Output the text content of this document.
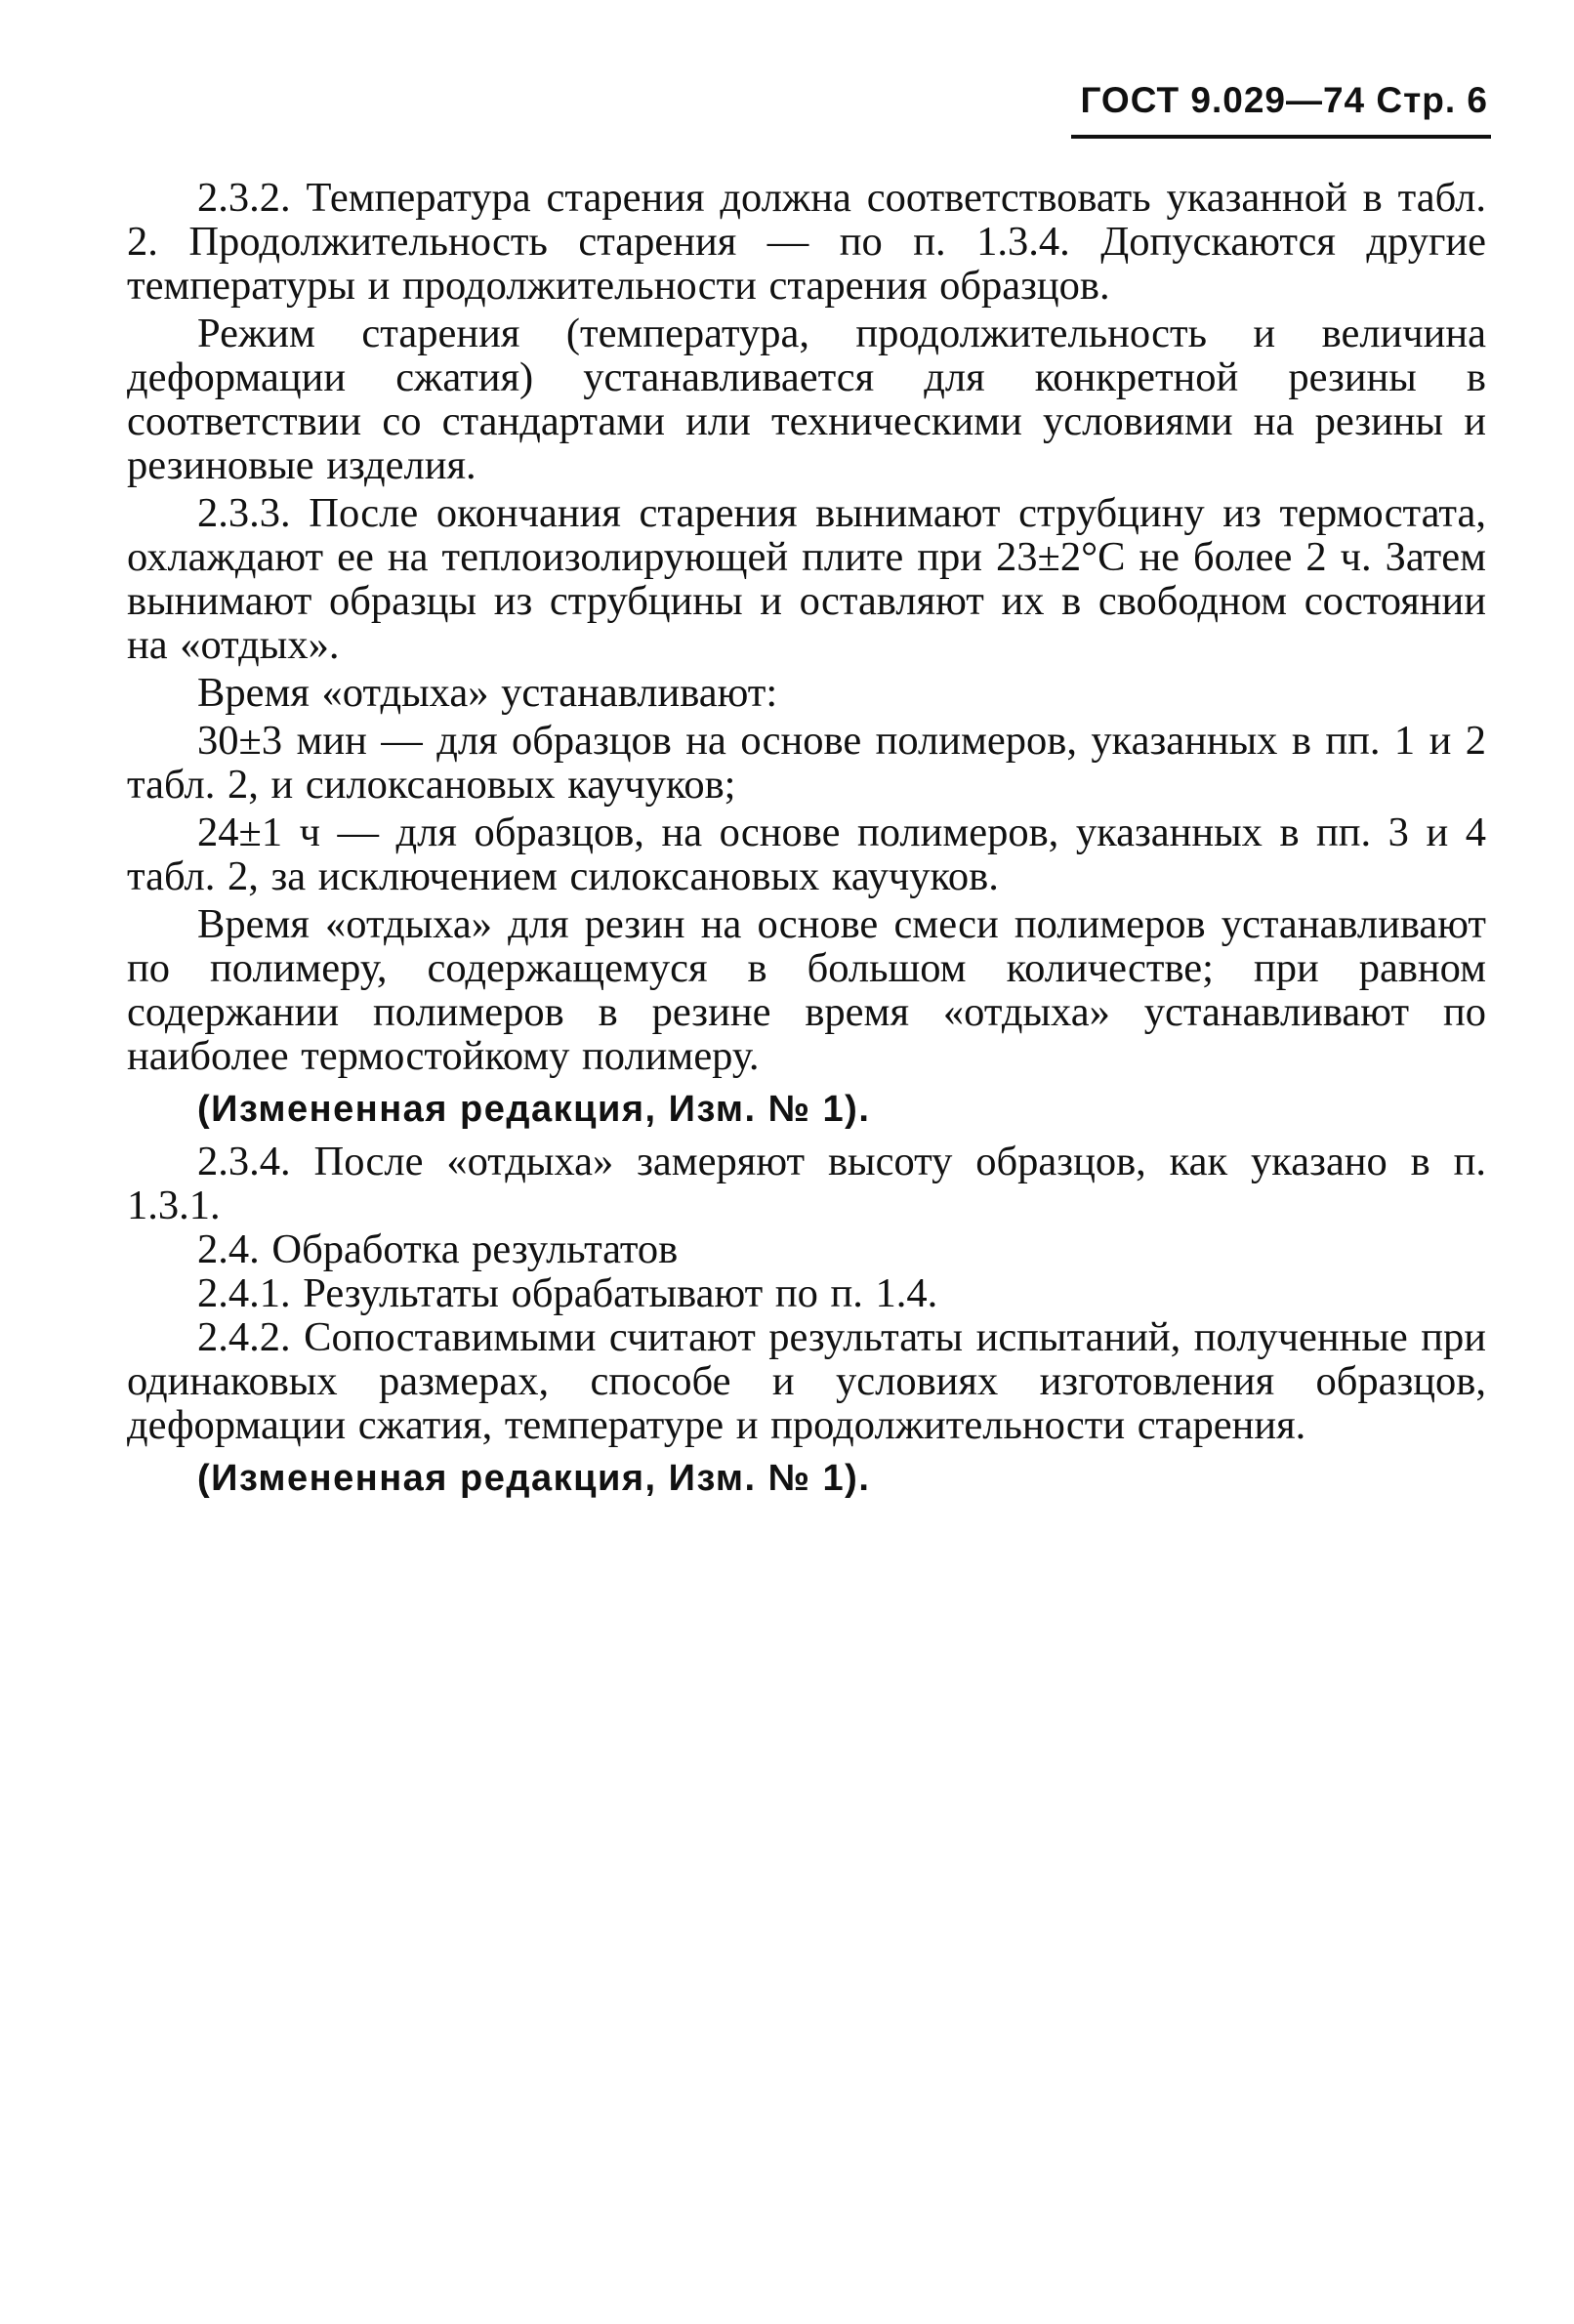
ГОСТ 9.029—74 Стр. 6

2.3.2. Температура старения должна соответствовать указанной в табл. 2. Продолжительность старения — по п. 1.3.4. Допускаются другие температуры и продолжительности старения образцов.

Режим старения (температура, продолжительность и величина деформации сжатия) устанавливается для конкретной резины в соответствии со стандартами или техническими условиями на резины и резиновые изделия.

2.3.3. После окончания старения вынимают струбцину из термостата, охлаждают ее на теплоизолирующей плите при 23±2°С не более 2 ч. Затем вынимают образцы из струбцины и оставляют их в свободном состоянии на «отдых».

Время «отдыха» устанавливают:

30±3 мин — для образцов на основе полимеров, указанных в пп. 1 и 2 табл. 2, и силоксановых каучуков;

24±1 ч — для образцов, на основе полимеров, указанных в пп. 3 и 4 табл. 2, за исключением силоксановых каучуков.

Время «отдыха» для резин на основе смеси полимеров устанавливают по полимеру, содержащемуся в большом количестве; при равном содержании полимеров в резине время «отдыха» устанавливают по наиболее термостойкому полимеру.

(Измененная редакция, Изм. № 1).

2.3.4. После «отдыха» замеряют высоту образцов, как указано в п. 1.3.1.

2.4. Обработка результатов

2.4.1. Результаты обрабатывают по п. 1.4.

2.4.2. Сопоставимыми считают результаты испытаний, полученные при одинаковых размерах, способе и условиях изготовления образцов, деформации сжатия, температуре и продолжительности старения.

(Измененная редакция, Изм. № 1).
